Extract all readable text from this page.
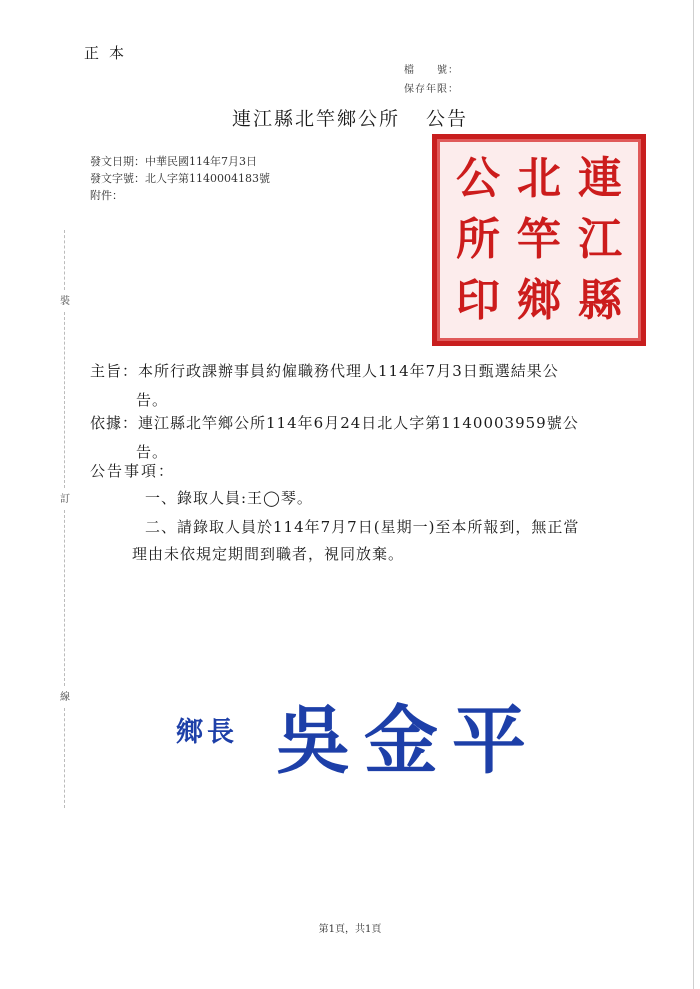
正本
檔　　號：
保存年限：
連江縣北竿鄉公所 公告
發文日期：中華民國114年7月3日
發文字號：北人字第1140004183號
附件：	連
江
縣
北
竿
鄉
公
所
印
裝
訂
線
主旨：本所行政課辦事員約僱職務代理人114年7月3日甄選結果公
告。
依據：連江縣北竿鄉公所114年6月24日北人字第1140003959號公
告。
公告事項：
一、錄取人員:王◯琴。
二、請錄取人員於114年7月7日(星期一)至本所報到，無正當
理由未依規定期間到職者，視同放棄。
鄉長 吳金平
第1頁，共1頁
